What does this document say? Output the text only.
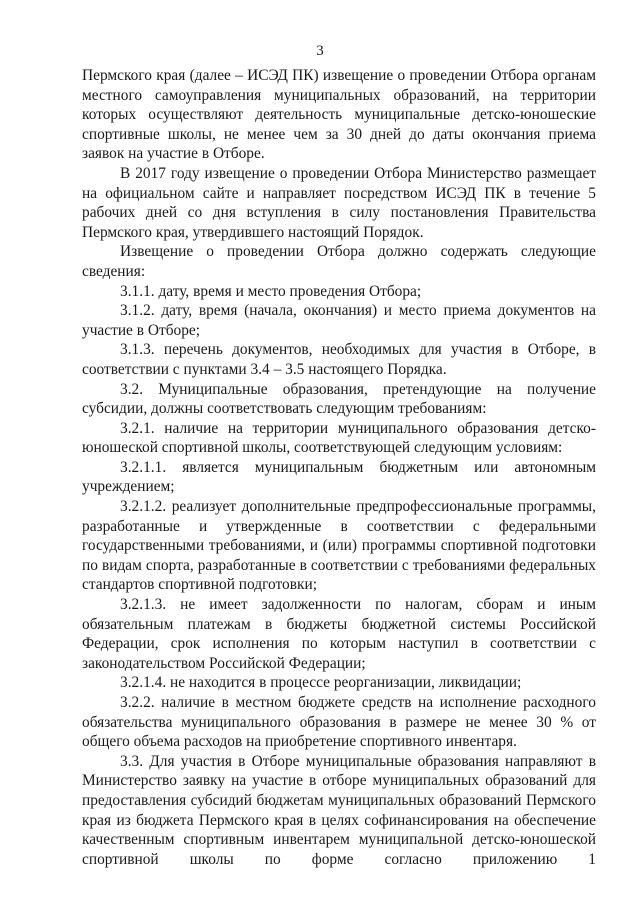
3

Пермского края (далее – ИСЭД ПК) извещение о проведении Отбора органам местного самоуправления муниципальных образований, на территории которых осуществляют деятельность муниципальные детско-юношеские спортивные школы, не менее чем за 30 дней до даты окончания приема заявок на участие в Отборе.

В 2017 году извещение о проведении Отбора Министерство размещает на официальном сайте и направляет посредством ИСЭД ПК в течение 5 рабочих дней со дня вступления в силу постановления Правительства Пермского края, утвердившего настоящий Порядок.

Извещение о проведении Отбора должно содержать следующие сведения:

3.1.1. дату, время и место проведения Отбора;

3.1.2. дату, время (начала, окончания) и место приема документов на участие в Отборе;

3.1.3. перечень документов, необходимых для участия в Отборе, в соответствии с пунктами 3.4 – 3.5 настоящего Порядка.

3.2. Муниципальные образования, претендующие на получение субсидии, должны соответствовать следующим требованиям:

3.2.1. наличие на территории муниципального образования детско-юношеской спортивной школы, соответствующей следующим условиям:

3.2.1.1. является муниципальным бюджетным или автономным учреждением;

3.2.1.2. реализует дополнительные предпрофессиональные программы, разработанные и утвержденные в соответствии с федеральными государственными требованиями, и (или) программы спортивной подготовки по видам спорта, разработанные в соответствии с требованиями федеральных стандартов спортивной подготовки;

3.2.1.3. не имеет задолженности по налогам, сборам и иным обязательным платежам в бюджеты бюджетной системы Российской Федерации, срок исполнения по которым наступил в соответствии с законодательством Российской Федерации;

3.2.1.4. не находится в процессе реорганизации, ликвидации;

3.2.2. наличие в местном бюджете средств на исполнение расходного обязательства муниципального образования в размере не менее 30 % от общего объема расходов на приобретение спортивного инвентаря.

3.3. Для участия в Отборе муниципальные образования направляют в Министерство заявку на участие в отборе муниципальных образований для предоставления субсидий бюджетам муниципальных образований Пермского края из бюджета Пермского края в целях софинансирования на обеспечение качественным спортивным инвентарем муниципальной детско-юношеской спортивной школы по форме согласно приложению 1
